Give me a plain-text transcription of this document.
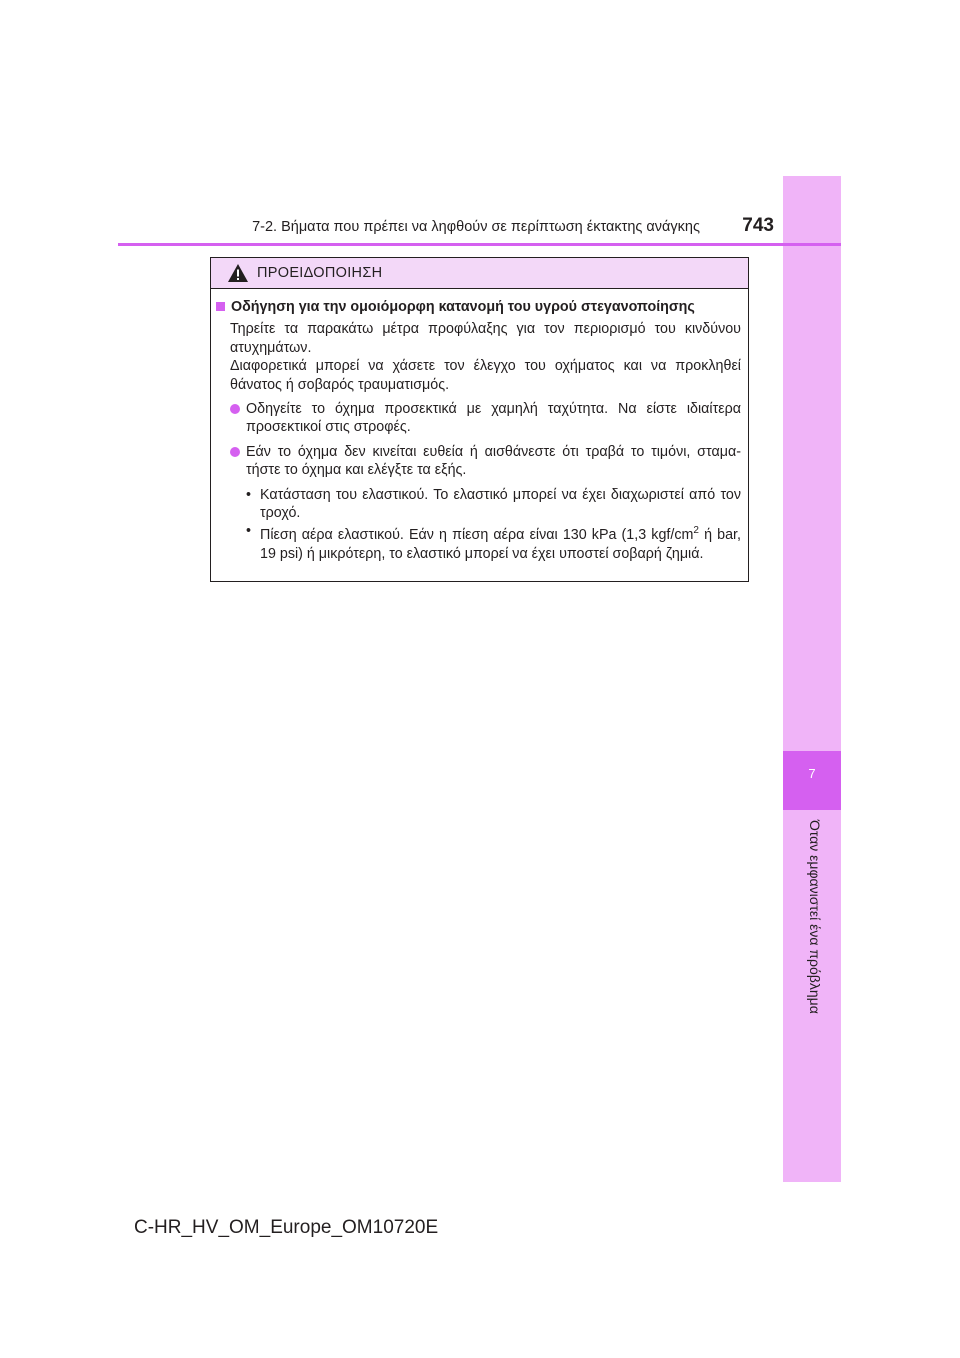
7
Όταν εμφανιστεί ένα πρόβλημα
7-2. Βήματα που πρέπει να ληφθούν σε περίπτωση έκτακτης ανάγκης	743
ΠΡΟΕΙΔΟΠΟΙΗΣΗ
Οδήγηση για την ομοιόμορφη κατανομή του υγρού στεγανοποίησης
Τηρείτε τα παρακάτω μέτρα προφύλαξης για τον περιορισμό του κινδύνου ατυχημάτων.
Διαφορετικά μπορεί να χάσετε τον έλεγχο του οχήματος και να προκληθεί θάνατος ή σοβαρός τραυματισμός.
Οδηγείτε το όχημα προσεκτικά με χαμηλή ταχύτητα. Να είστε ιδιαίτερα προσεκτικοί στις στροφές.
Εάν το όχημα δεν κινείται ευθεία ή αισθάνεστε ότι τραβά το τιμόνι, σταμα-τήστε το όχημα και ελέγξτε τα εξής.
• Κατάσταση του ελαστικού. Το ελαστικό μπορεί να έχει διαχωριστεί από τον τροχό.
• Πίεση αέρα ελαστικού. Εάν η πίεση αέρα είναι 130 kPa (1,3 kgf/$cm^2$ ή bar, 19 psi) ή μικρότερη, το ελαστικό μπορεί να έχει υποστεί σοβαρή ζημιά.
C-HR_HV_OM_Europe_OM10720E
